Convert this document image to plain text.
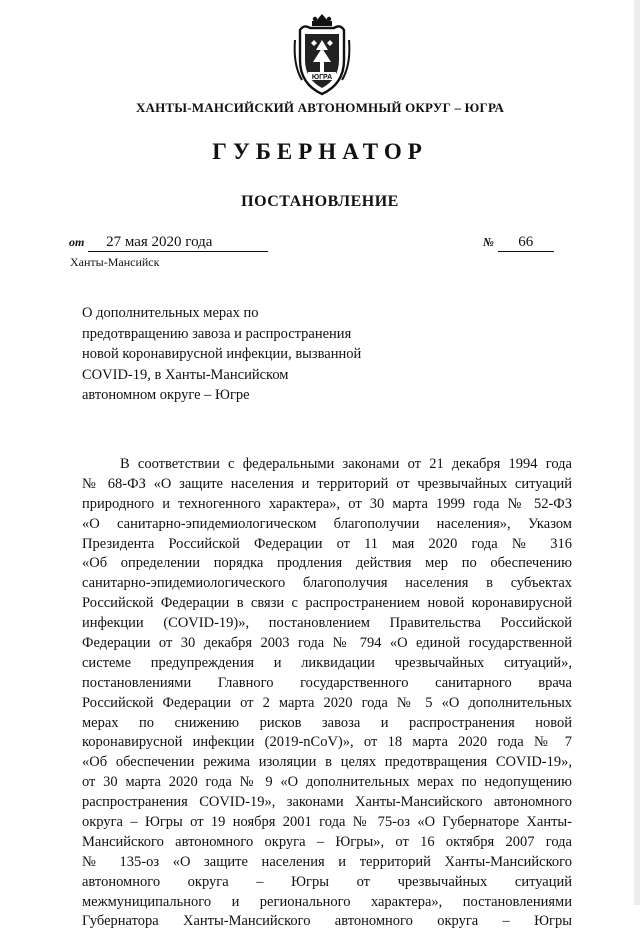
ЮГРА
ХАНТЫ-МАНСИЙСКИЙ АВТОНОМНЫЙ ОКРУГ – ЮГРА
ГУБЕРНАТОР
ПОСТАНОВЛЕНИЕ
от 27 мая 2020 года	№ 66
Ханты-Мансийск
О дополнительных мерах по
предотвращению завоза и распространения
новой коронавирусной инфекции, вызванной
COVID-19, в Ханты-Мансийском
автономном округе – Югре
В соответствии с федеральными законами от 21 декабря 1994 года
№ 68-ФЗ «О защите населения и территорий от чрезвычайных ситуаций
природного и техногенного характера», от 30 марта 1999 года № 52-ФЗ
«О санитарно-эпидемиологическом благополучии населения», Указом
Президента Российской Федерации от 11 мая 2020 года № 316
«Об определении порядка продления действия мер по обеспечению
санитарно-эпидемиологического благополучия населения в субъектах
Российской Федерации в связи с распространением новой коронавирусной
инфекции (COVID-19)», постановлением Правительства Российской
Федерации от 30 декабря 2003 года № 794 «О единой государственной
системе предупреждения и ликвидации чрезвычайных ситуаций»,
постановлениями Главного государственного санитарного врача
Российской Федерации от 2 марта 2020 года № 5 «О дополнительных
мерах по снижению рисков завоза и распространения новой
коронавирусной инфекции (2019-nCoV)», от 18 марта 2020 года № 7
«Об обеспечении режима изоляции в целях предотвращения COVID-19»,
от 30 марта 2020 года № 9 «О дополнительных мерах по недопущению
распространения COVID-19», законами Ханты-Мансийского автономного
округа – Югры от 19 ноября 2001 года № 75-оз «О Губернаторе Ханты-
Мансийского автономного округа – Югры», от 16 октября 2007 года
№ 135-оз «О защите населения и территорий Ханты-Мансийского
автономного округа – Югры от чрезвычайных ситуаций
межмуниципального и регионального характера», постановлениями
Губернатора Ханты-Мансийского автономного округа – Югры
